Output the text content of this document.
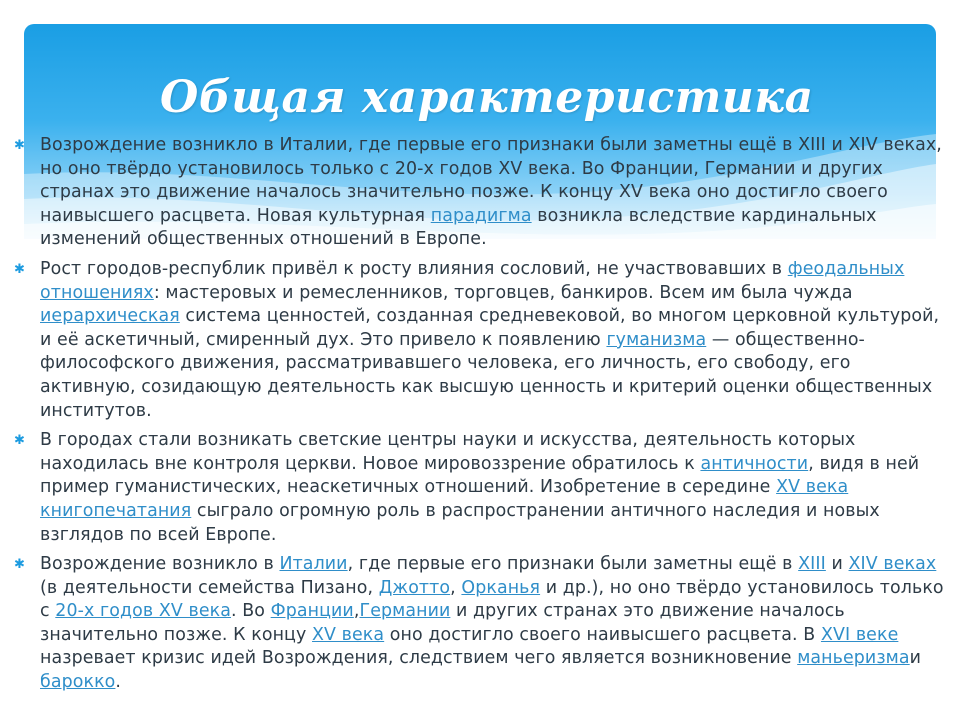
Общая характеристика
✱ Возрождение возникло в Италии, где первые его признаки были заметны ещё в XIII и XIV веках, но оно твёрдо установилось только с 20-х годов XV века. Во Франции, Германии и других странах это движение началось значительно позже. К концу XV века оно достигло своего наивысшего расцвета. Новая культурная парадигма возникла вследствие кардинальных изменений общественных отношений в Европе.
✱ Рост городов-республик привёл к росту влияния сословий, не участвовавших в феодальных отношениях: мастеровых и ремесленников, торговцев, банкиров. Всем им была чужда иерархическая система ценностей, созданная средневековой, во многом церковной культурой, и её аскетичный, смиренный дух. Это привело к появлению гуманизма — общественно-философского движения, рассматривавшего человека, его личность, его свободу, его активную, созидающую деятельность как высшую ценность и критерий оценки общественных институтов.
✱ В городах стали возникать светские центры науки и искусства, деятельность которых находилась вне контроля церкви. Новое мировоззрение обратилось к античности, видя в ней пример гуманистических, неаскетичных отношений. Изобретение в середине XV века книгопечатания сыграло огромную роль в распространении античного наследия и новых взглядов по всей Европе.
✱ Возрождение возникло в Италии, где первые его признаки были заметны ещё в XIII и XIV веках (в деятельности семейства Пизано, Джотто, Орканья и др.), но оно твёрдо установилось только с 20-х годов XV века. Во Франции,Германии и других странах это движение началось значительно позже. К концу XV века оно достигло своего наивысшего расцвета. В XVI веке назревает кризис идей Возрождения, следствием чего является возникновение маньеризмаи барокко.
